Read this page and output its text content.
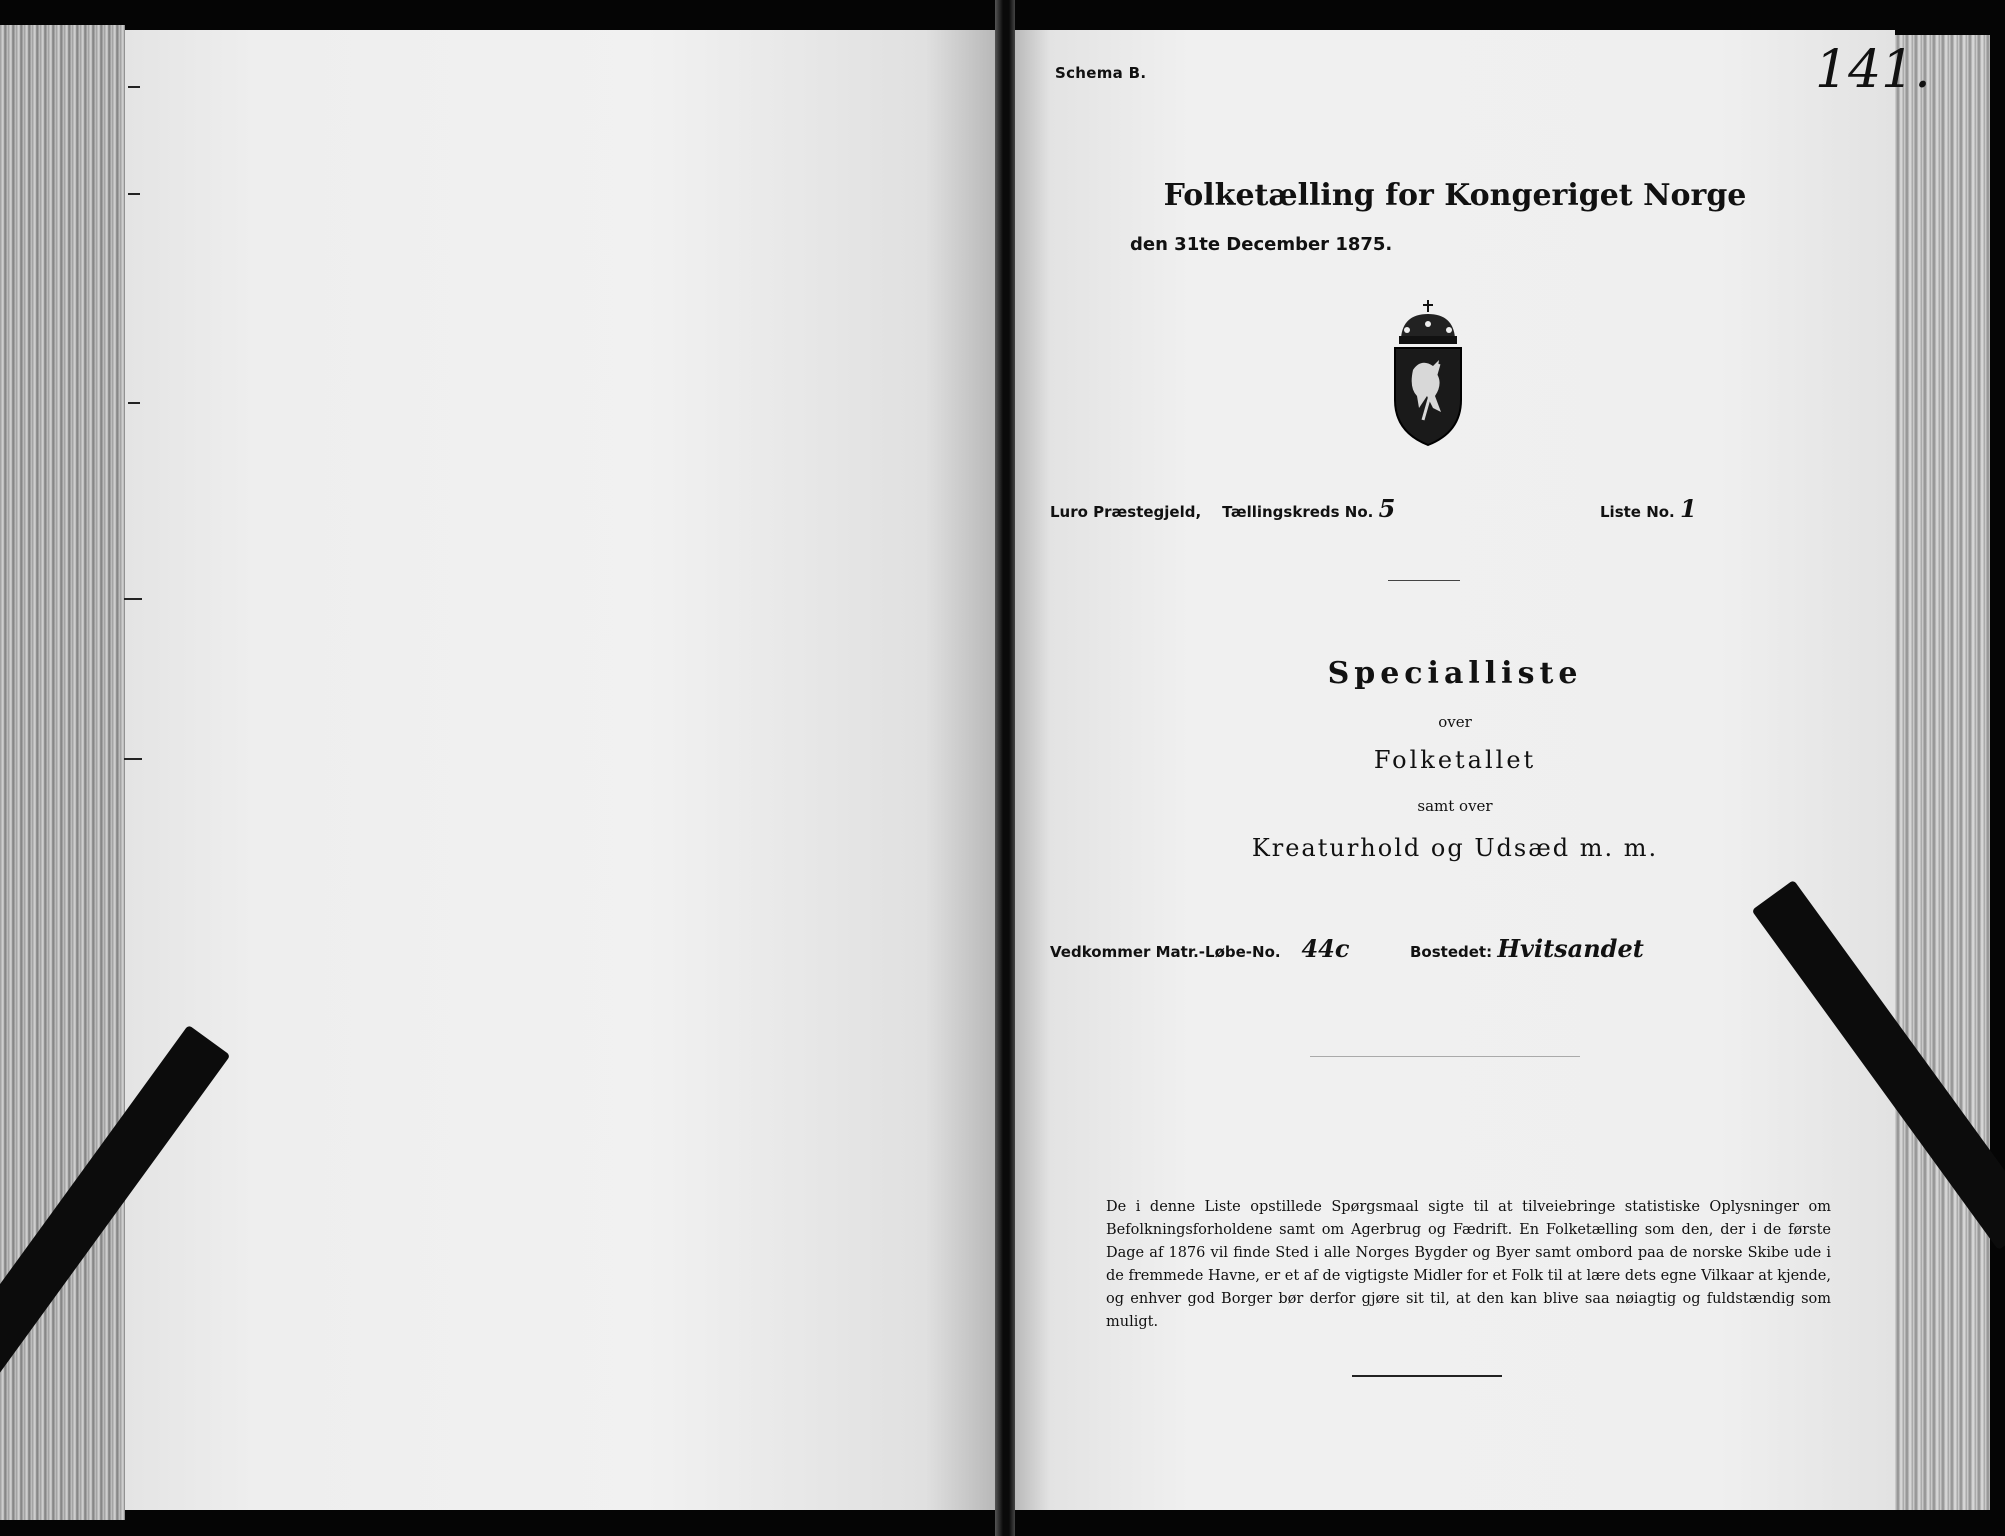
Schema B.	141.
Folketælling for Kongeriget Norge
den 31te December 1875.
Luro Præstegjeld, Tællingskreds No. 5	Liste No. 1
Specialliste
over
Folketallet
samt over
Kreaturhold og Udsæd m. m.
Vedkommer Matr.-Løbe-No. 44c	Bostedet: Hvitsandet

De i denne Liste opstillede Spørgsmaal sigte til at tilveiebringe statistiske Oplysninger om Befolkningsforholdene samt om Agerbrug og Fædrift. En Folketælling som den, der i de første Dage af 1876 vil finde Sted i alle Norges Bygder og Byer samt ombord paa de norske Skibe ude i de fremmede Havne, er et af de vigtigste Midler for et Folk til at lære dets egne Vilkaar at kjende, og enhver god Borger bør derfor gjøre sit til, at den kan blive saa nøiagtig og fuldstændig som muligt.
